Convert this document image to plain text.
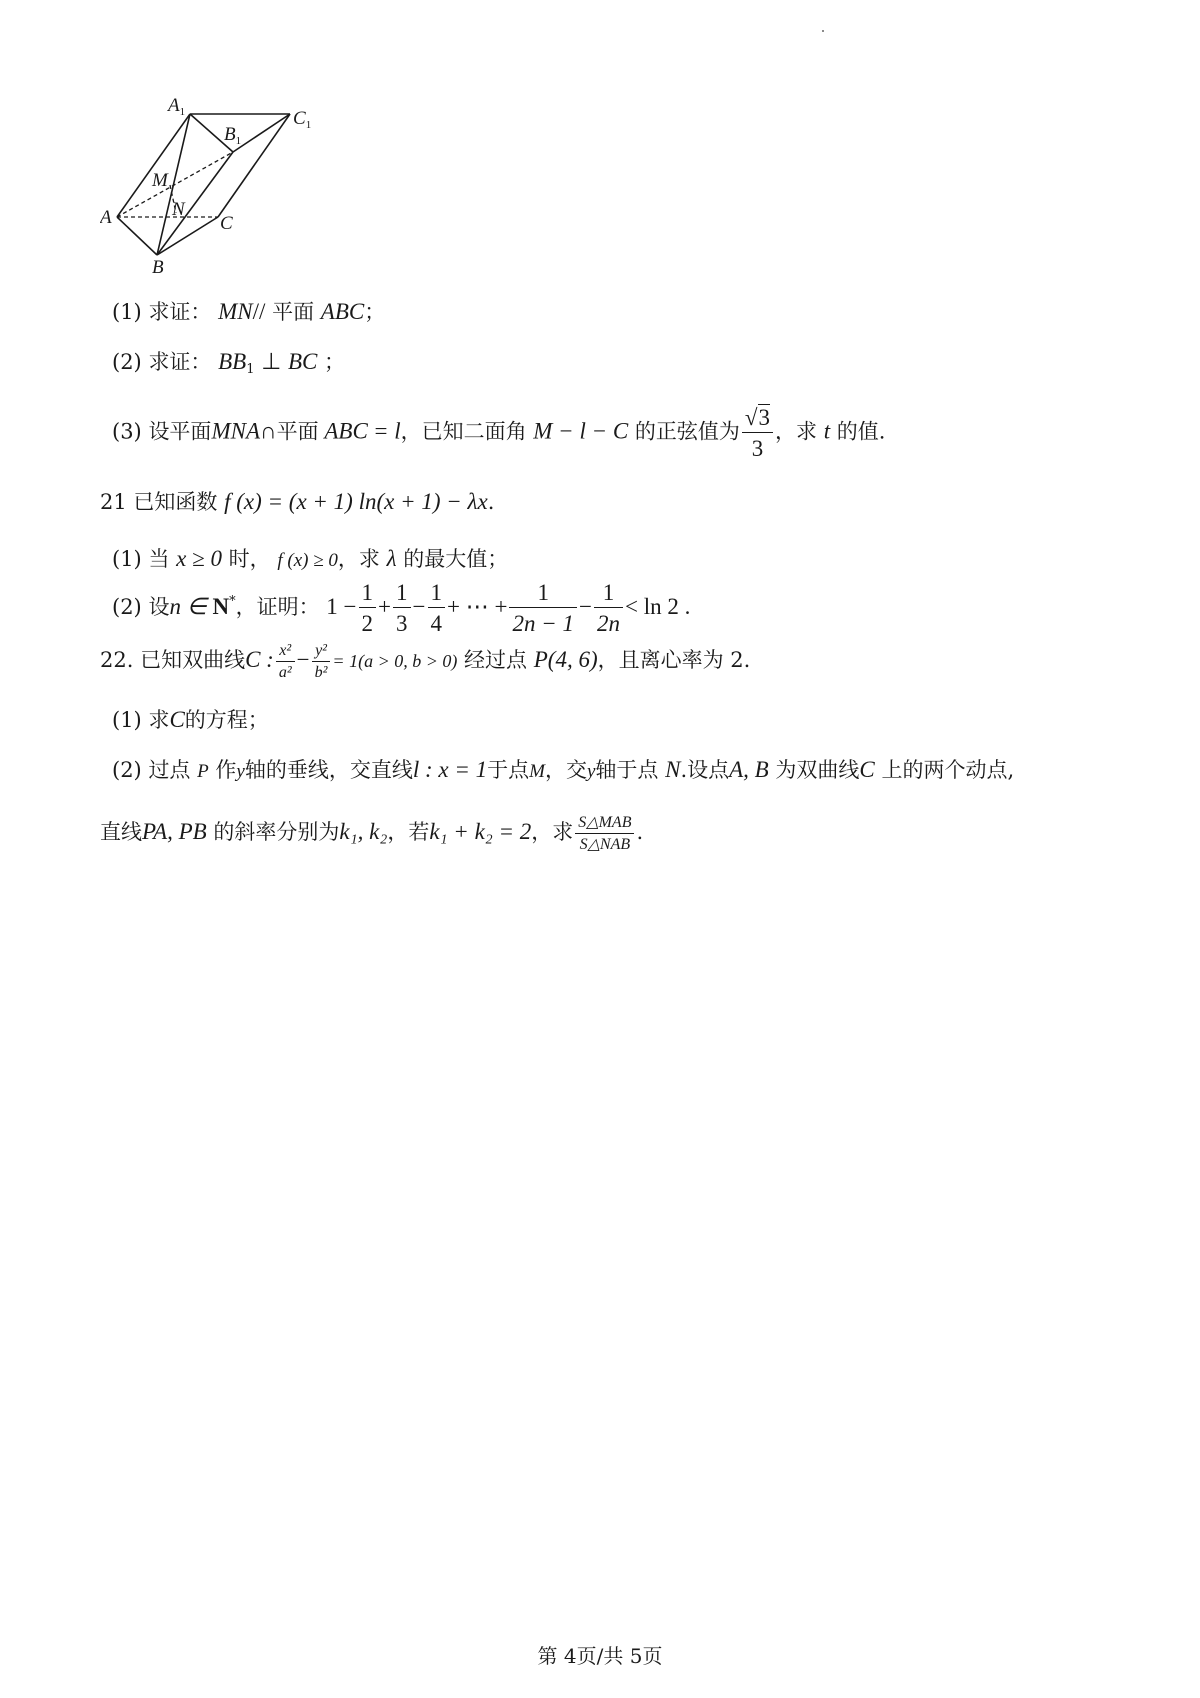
$A_1$
$B_1$
$C_1$
M
N
A	C
B
(1) 求证： MN// 平面 ABC；
(2) 求证： $BB_1$ ⊥ BC ；
(3) 设平面MNA∩平面 ABC = l，已知二面角 M − l − C 的正弦值为 $\frac{√3}{3}$ ，求 t 的值.
21 已知函数 f (x) = (x + 1) ln(x + 1) − λx.
(1) 当 x ≥ 0 时， f (x) ≥ 0，求 λ 的最大值；
(2) 设n ∈ N*，证明： $1 - \frac{1}{2} + \frac{1}{3} - \frac{1}{4}$ + ⋯ + $\frac{1}{2n - 1} - \frac{1}{2n} < \ln 2$ .
22. 已知双曲线C : $\frac{\text{x²}}{\text{a²}} - \frac{\text{y²}}{\text{b²}} = 1(a > 0$, b > 0) 经过点 P(4, 6)，且离心率为 2.
(1) 求C的方程；
(2) 过点 P 作y轴的垂线，交直线l : x = 1于点M，交y轴于点 N.设点A, B 为双曲线C 上的两个动点,
直线PA, PB 的斜率分别为k₁, k₂，若k₁ + k₂ = 2，求 $\frac{\text{S△MAB}}{\text{S△NAB}}$ .
第 4页/共 5页
